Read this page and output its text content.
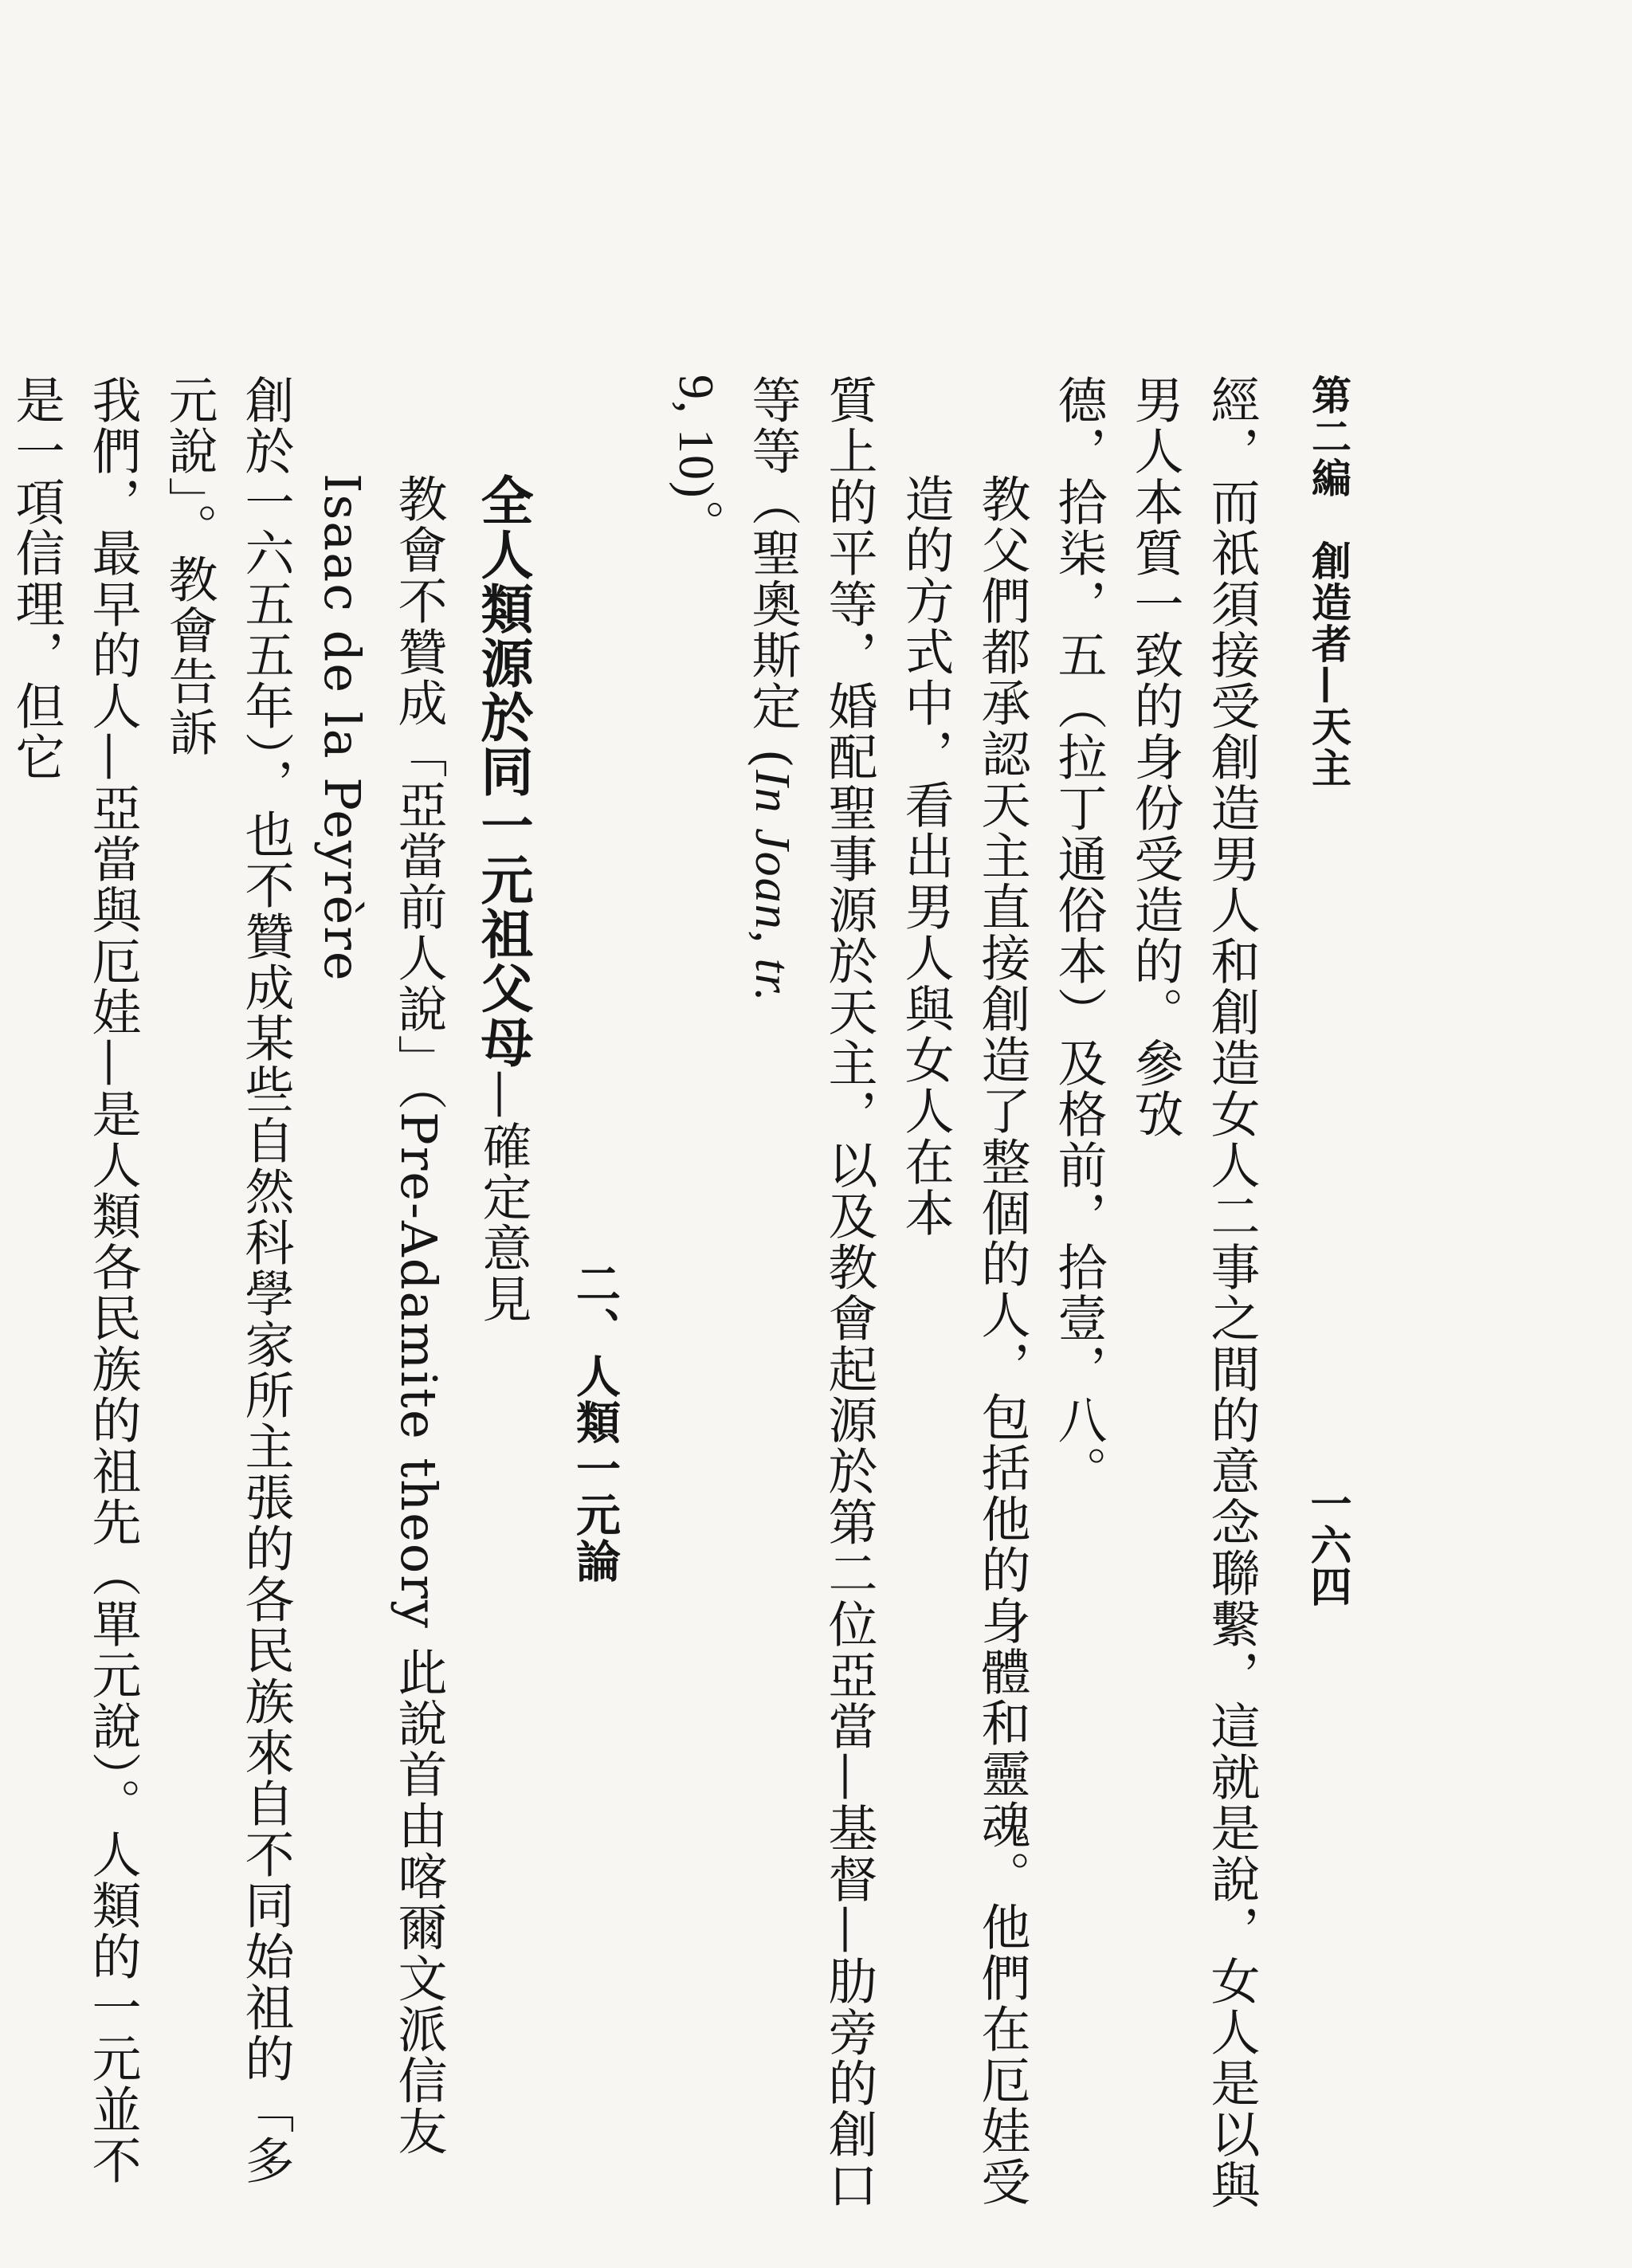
第二編　創造者—天主
一六四

經，而祇須接受創造男人和創造女人二事之間的意念聯繫，這就是說，女人是以與男人本質一致的身份受造的。參攷

德，拾柒，五（拉丁通俗本）及格前，拾壹，八。

教父們都承認天主直接創造了整個的人，包括他的身體和靈魂。他們在厄娃受造的方式中，看出男人與女人在本

質上的平等，婚配聖事源於天主，以及教會起源於第二位亞當—基督—肋旁的創口等等（聖奧斯定 (In Joan, tr.

9, 10)。

二、人類一元論

全人類源於同一元祖父母—確定意見

教會不贊成「亞當前人說」（Pre-Adamite theory 此說首由喀爾文派信友 Isaac de la Peyrère

創於一六五五年），也不贊成某些自然科學家所主張的各民族來自不同始祖的「多元說」。教會告訴

我們，最早的人—亞當與厄娃—是人類各民族的祖先（單元說）。人類的一元並不是一項信理，但它
